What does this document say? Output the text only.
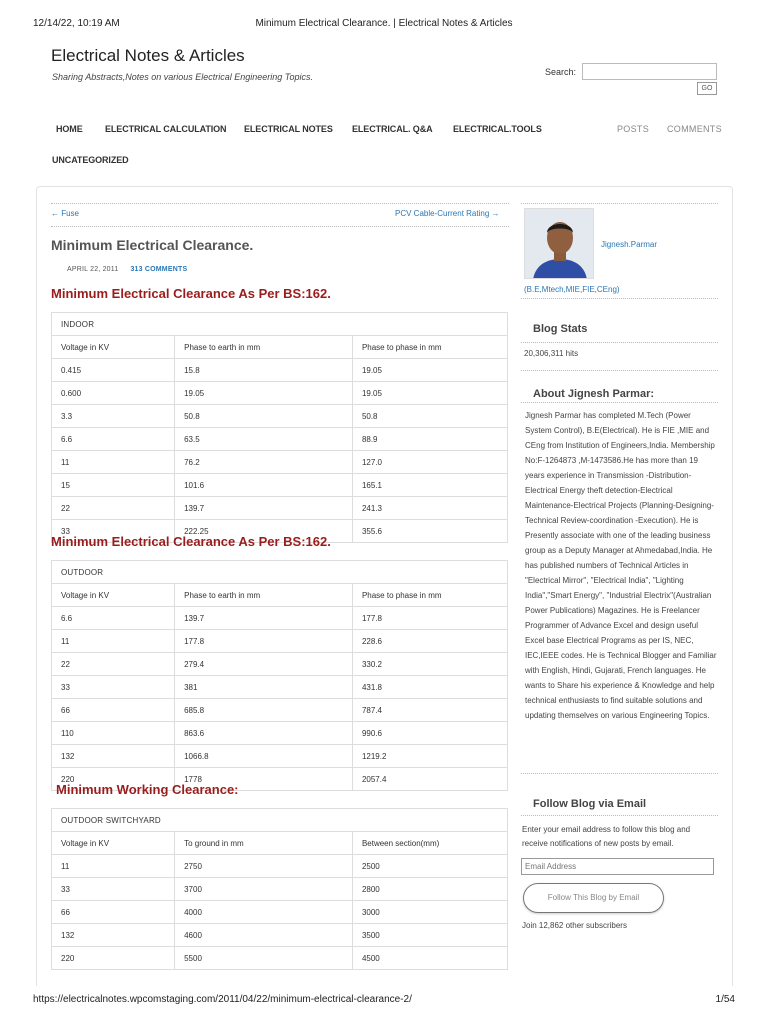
12/14/22, 10:19 AM	Minimum Electrical Clearance. | Electrical Notes & Articles
Electrical Notes & Articles
Sharing Abstracts,Notes on various Electrical Engineering Topics.	Search:
GO
HOME ELECTRICAL CALCULATION ELECTRICAL NOTES ELECTRICAL. Q&A ELECTRICAL.TOOLS
UNCATEGORIZED
POSTS COMMENTS
← Fuse	PCV Cable-Current Rating →
Minimum Electrical Clearance.
APRIL 22, 2011 313 COMMENTS
Minimum Electrical Clearance As Per BS:162.
INDOOR		
Voltage in KV	Phase to earth in mm	Phase to phase in mm
0.415	15.8	19.05
0.600	19.05	19.05
3.3	50.8	50.8
6.6	63.5	88.9
11	76.2	127.0
15	101.6	165.1
22	139.7	241.3
33	222.25	355.6
Minimum Electrical Clearance As Per BS:162.
OUTDOOR		
Voltage in KV	Phase to earth in mm	Phase to phase in mm
6.6	139.7	177.8
11	177.8	228.6
22	279.4	330.2
33	381	431.8
66	685.8	787.4
110	863.6	990.6
132	1066.8	1219.2
220	1778	2057.4
Minimum Working Clearance:
OUTDOOR SWITCHYARD		
Voltage in KV	To ground in mm	Between section(mm)
11	2750	2500
33	3700	2800
66	4000	3000
132	4600	3500
220	5500	4500
Jignesh.Parmar
(B.E,Mtech,MIE,FIE,CEng)
Blog Stats
20,306,311 hits
About Jignesh Parmar:

Jignesh Parmar has completed M.Tech (Power System Control), B.E(Electrical). He is FIE ,MIE and CEng from Institution of Engineers,India. Membership No:F-1264873 ,M-1473586.He has more than 19 years experience in Transmission -Distribution-Electrical Energy theft detection-Electrical Maintenance-Electrical Projects (Planning-Designing-Technical Review-coordination -Execution). He is Presently associate with one of the leading business group as a Deputy Manager at Ahmedabad,India. He has published numbers of Technical Articles in "Electrical Mirror", "Electrical India", "Lighting India","Smart Energy", "Industrial Electrix"(Australian Power Publications) Magazines. He is Freelancer Programmer of Advance Excel and design useful Excel base Electrical Programs as per IS, NEC, IEC,IEEE codes. He is Technical Blogger and Familiar with English, Hindi, Gujarati, French languages. He wants to Share his experience & Knowledge and help technical enthusiasts to find suitable solutions and updating themselves on various Engineering Topics.

Follow Blog via Email

Enter your email address to follow this blog and receive notifications of new posts by email.

Email Address
Follow This Blog by Email
Join 12,862 other subscribers
https://electricalnotes.wpcomstaging.com/2011/04/22/minimum-electrical-clearance-2/	1/54
